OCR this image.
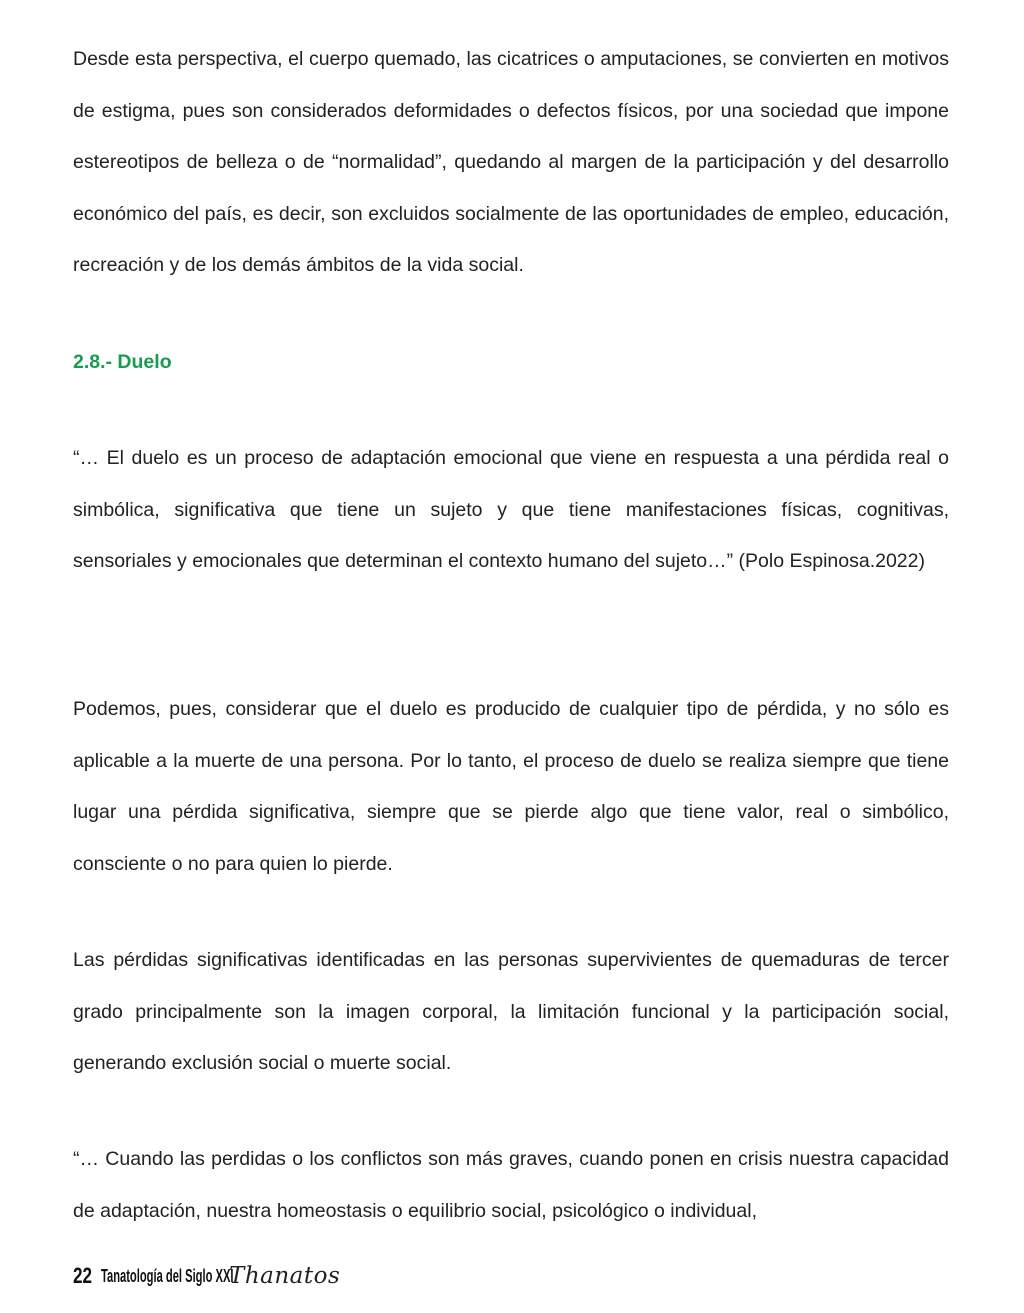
Desde esta perspectiva, el cuerpo quemado, las cicatrices o amputaciones, se convierten en motivos de estigma, pues son considerados deformidades o defectos físicos, por una sociedad que impone estereotipos de belleza o de “normalidad”, quedando al margen de la participación y del desarrollo económico del país, es decir, son excluidos socialmente de las oportunidades de empleo, educación, recreación y de los demás ámbitos de la vida social.

2.8.- Duelo

“… El duelo es un proceso de adaptación emocional que viene en respuesta a una pérdida real o simbólica, significativa que tiene un sujeto y que tiene manifestaciones físicas, cognitivas, sensoriales y emocionales que determinan el contexto humano del sujeto…” (Polo Espinosa.2022)

Podemos, pues, considerar que el duelo es producido de cualquier tipo de pérdida, y no sólo es aplicable a la muerte de una persona. Por lo tanto, el proceso de duelo se realiza siempre que tiene lugar una pérdida significativa, siempre que se pierde algo que tiene valor, real o simbólico, consciente o no para quien lo pierde.

Las pérdidas significativas identificadas en las personas supervivientes de quemaduras de tercer grado principalmente son la imagen corporal, la limitación funcional y la participación social, generando exclusión social o muerte social.

“… Cuando las perdidas o los conflictos son más graves, cuando ponen en crisis nuestra capacidad de adaptación, nuestra homeostasis o equilibrio social, psicológico o individual,

22 Tanatología del Siglo XXI
Thanatos
